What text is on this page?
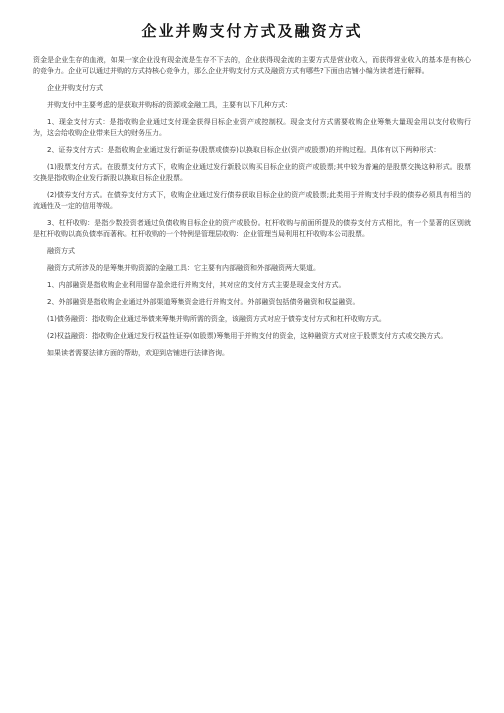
企业并购支付方式及融资方式

资金是企业生存的血液，如果一家企业没有现金流是生存不下去的，企业获得现金流的主要方式是营业收入，而获得营业收入的基本是有核心的竞争力。企业可以通过并购的方式持核心竞争力，那么企业并购支付方式及融资方式有哪些?下面由店铺小编为读者进行解释。

企业并购支付方式

并购支付中主要考虑的是获取并购标的资源或金融工具，主要有以下几种方式：

1、现金支付方式：是指收购企业通过支付现金获得目标企业资产或控制权。现金支付方式需要收购企业筹集大量现金用以支付收购行为，这会给收购企业带来巨大的财务压力。

2、证券支付方式：是指收购企业通过发行新证券(股票或债券)以换取目标企业(资产或股票)的并购过程。具体有以下两种形式：

(1)股票支付方式。在股票支付方式下，收购企业通过发行新股以购买目标企业的资产或股票;其中较为普遍的是股票交换这种形式。股票交换是指收购企业发行新股以换取目标企业股票。

(2)债券支付方式。在债券支付方式下，收购企业通过发行债券获取目标企业的资产或股票;此类用于并购支付手段的债券必须具有相当的流通性及一定的信用等级。

3、杠杆收购：是指少数投资者通过负债收购目标企业的资产或股份。杠杆收购与前面所提及的债券支付方式相比，有一个显著的区别就是杠杆收购以高负债率而著称。杠杆收购的一个特例是管理层收购：企业管理当局利用杠杆收购本公司股票。

融资方式

融资方式所涉及的是筹集并购资源的金融工具：它主要有内部融资和外部融资两大渠道。

1、内部融资是指收购企业利用留存盈余进行并购支付，其对应的支付方式主要是现金支付方式。

2、外部融资是指收购企业通过外部渠道筹集资金进行并购支付。外部融资包括债务融资和权益融资。

(1)债务融资：指收购企业通过举债来筹集并购所需的资金，该融资方式对应于债券支付方式和杠杆收购方式。

(2)权益融资：指收购企业通过发行权益性证券(如股票)筹集用于并购支付的资金，这种融资方式对应于股票支付方式或交换方式。

如果读者需要法律方面的帮助，欢迎到店铺进行法律咨询。
